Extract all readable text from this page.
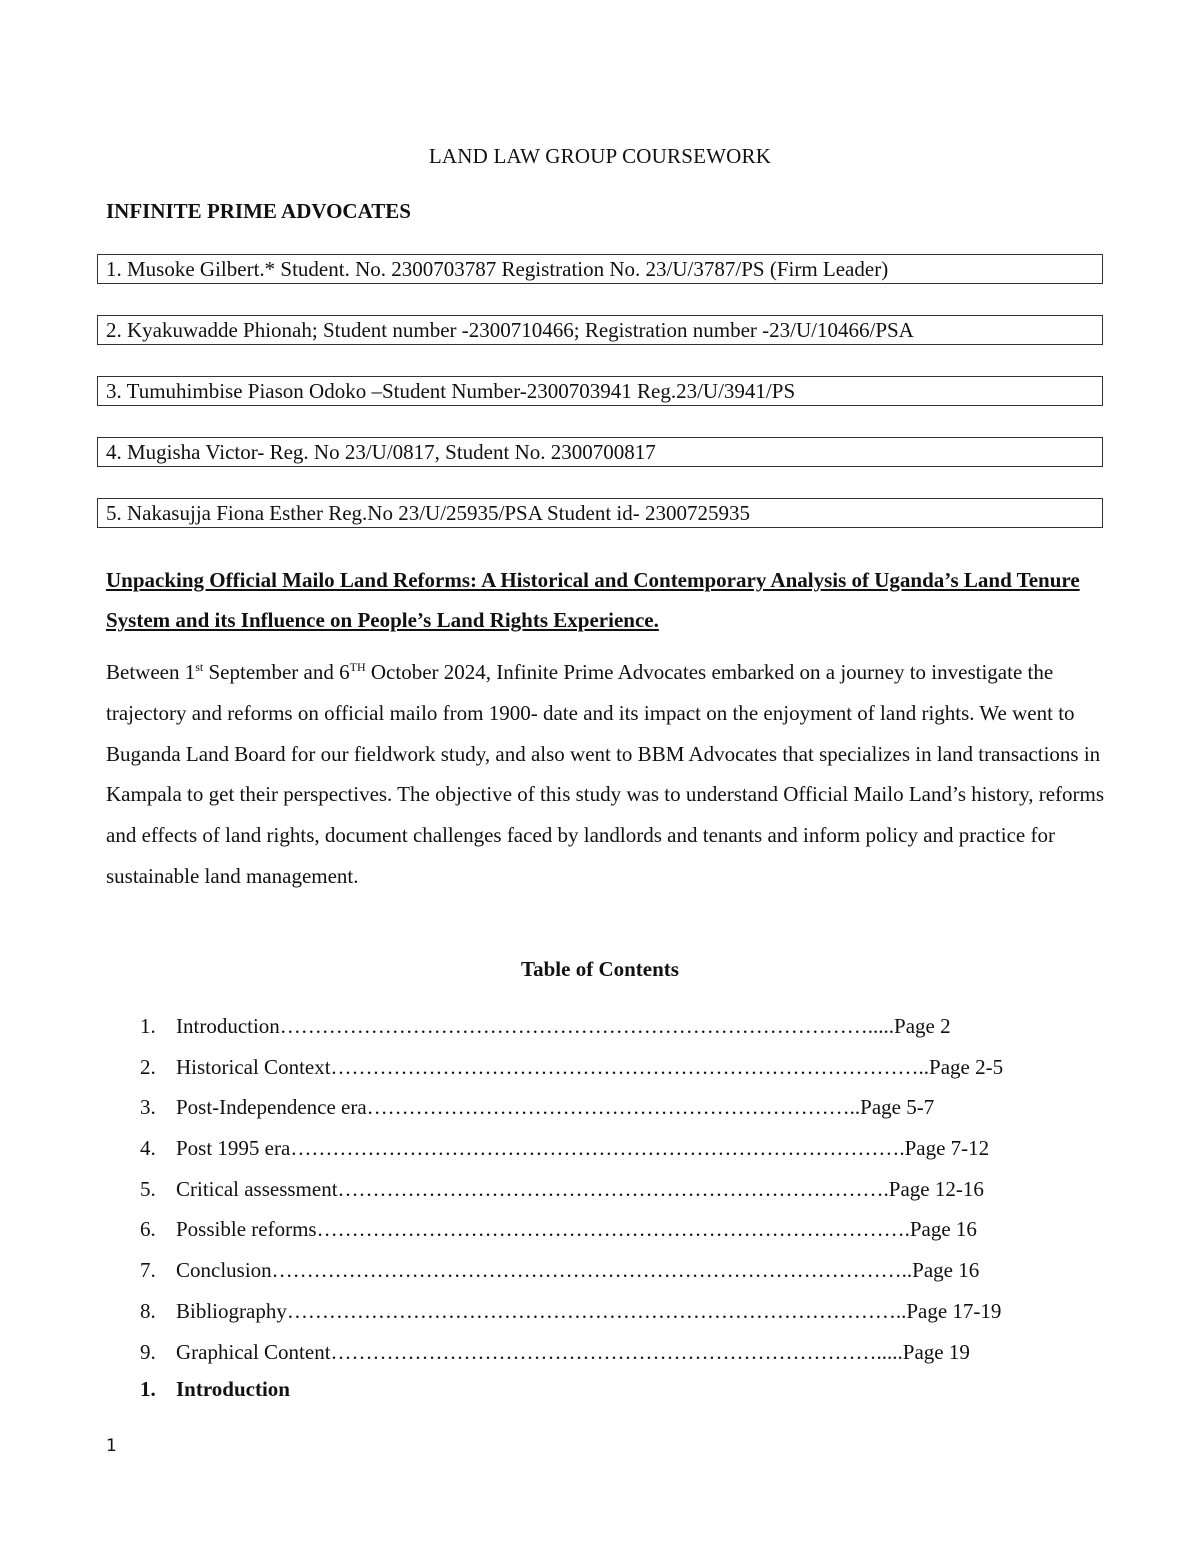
LAND LAW GROUP COURSEWORK
INFINITE PRIME ADVOCATES
1. Musoke Gilbert.* Student. No. 2300703787 Registration No. 23/U/3787/PS (Firm Leader)
2. Kyakuwadde Phionah; Student number -2300710466; Registration number -23/U/10466/PSA
3. Tumuhimbise Piason Odoko –Student Number-2300703941 Reg.23/U/3941/PS
4. Mugisha Victor- Reg. No 23/U/0817, Student No. 2300700817
5. Nakasujja Fiona Esther Reg.No 23/U/25935/PSA Student id- 2300725935
Unpacking Official Mailo Land Reforms: A Historical and Contemporary Analysis of Uganda’s Land Tenure System and its Influence on People’s Land Rights Experience.
Between 1st September and 6TH October 2024, Infinite Prime Advocates embarked on a journey to investigate the trajectory and reforms on official mailo from 1900- date and its impact on the enjoyment of land rights. We went to Buganda Land Board for our fieldwork study, and also went to BBM Advocates that specializes in land transactions in Kampala to get their perspectives. The objective of this study was to understand Official Mailo Land’s history, reforms and effects of land rights, document challenges faced by landlords and tenants and inform policy and practice for sustainable land management.
Table of Contents
1. Introduction………………………………………………………………………….....Page 2
2. Historical Context…………………………………………………………………………..Page 2-5
3. Post-Independence era……………………………………………………………..Page 5-7
4. Post 1995 era…………………………………………………………………………….Page 7-12
5. Critical assessment…………………………………………………………………….Page 12-16
6. Possible reforms………………………………………………………………………….Page 16
7. Conclusion………………………………………………………………………………..Page 16
8. Bibliography……………………………………………………………………………..Page 17-19
9. Graphical Content…………………………………………………………………….....Page 19
1. Introduction
1
